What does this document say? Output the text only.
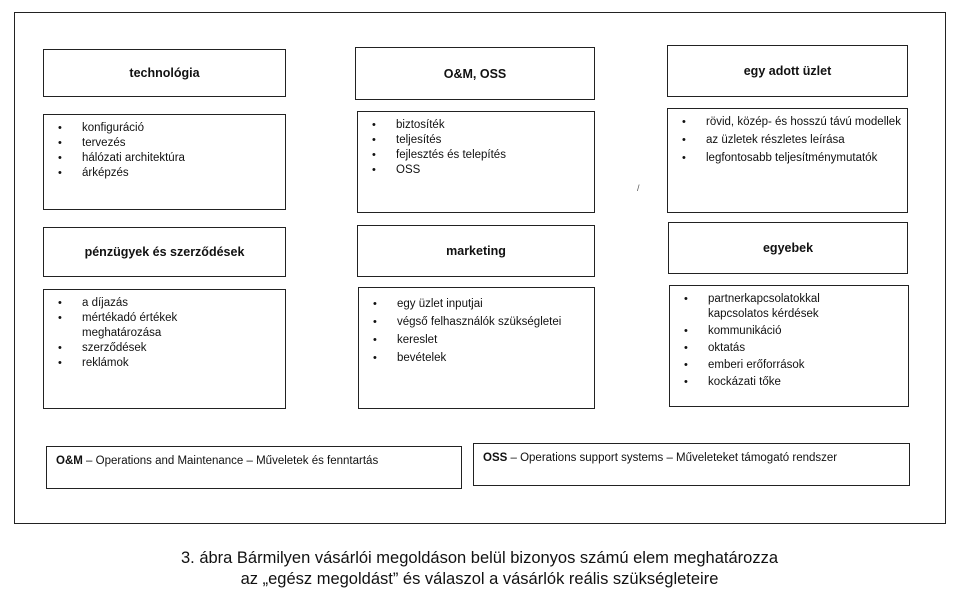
technológia	O&M, OSS	egy adott üzlet
• konfiguráció
• tervezés
• hálózati architektúra
• árképzés
• biztosíték
• teljesítés
• fejlesztés és telepítés
• OSS
• rövid, közép- és hosszú távú modellek
• az üzletek részletes leírása
• legfontosabb teljesítménymutatók
pénzügyek és szerződések	marketing	egyebek
• a díjazás
• mértékadó értékek meghatározása
• szerződések
• reklámok
• egy üzlet inputjai
• végső felhasználók szükségletei
• kereslet
• bevételek
• partnerkapcsolatokkal kapcsolatos kérdések
• kommunikáció
• oktatás
• emberi erőforrások
• kockázati tőke
O&M – Operations and Maintenance – Műveletek és fenntartás	OSS – Operations support systems – Műveleteket támogató rendszer
/
3. ábra Bármilyen vásárlói megoldáson belül bizonyos számú elem meghatározza
az „egész megoldást” és válaszol a vásárlók reális szükségleteire
